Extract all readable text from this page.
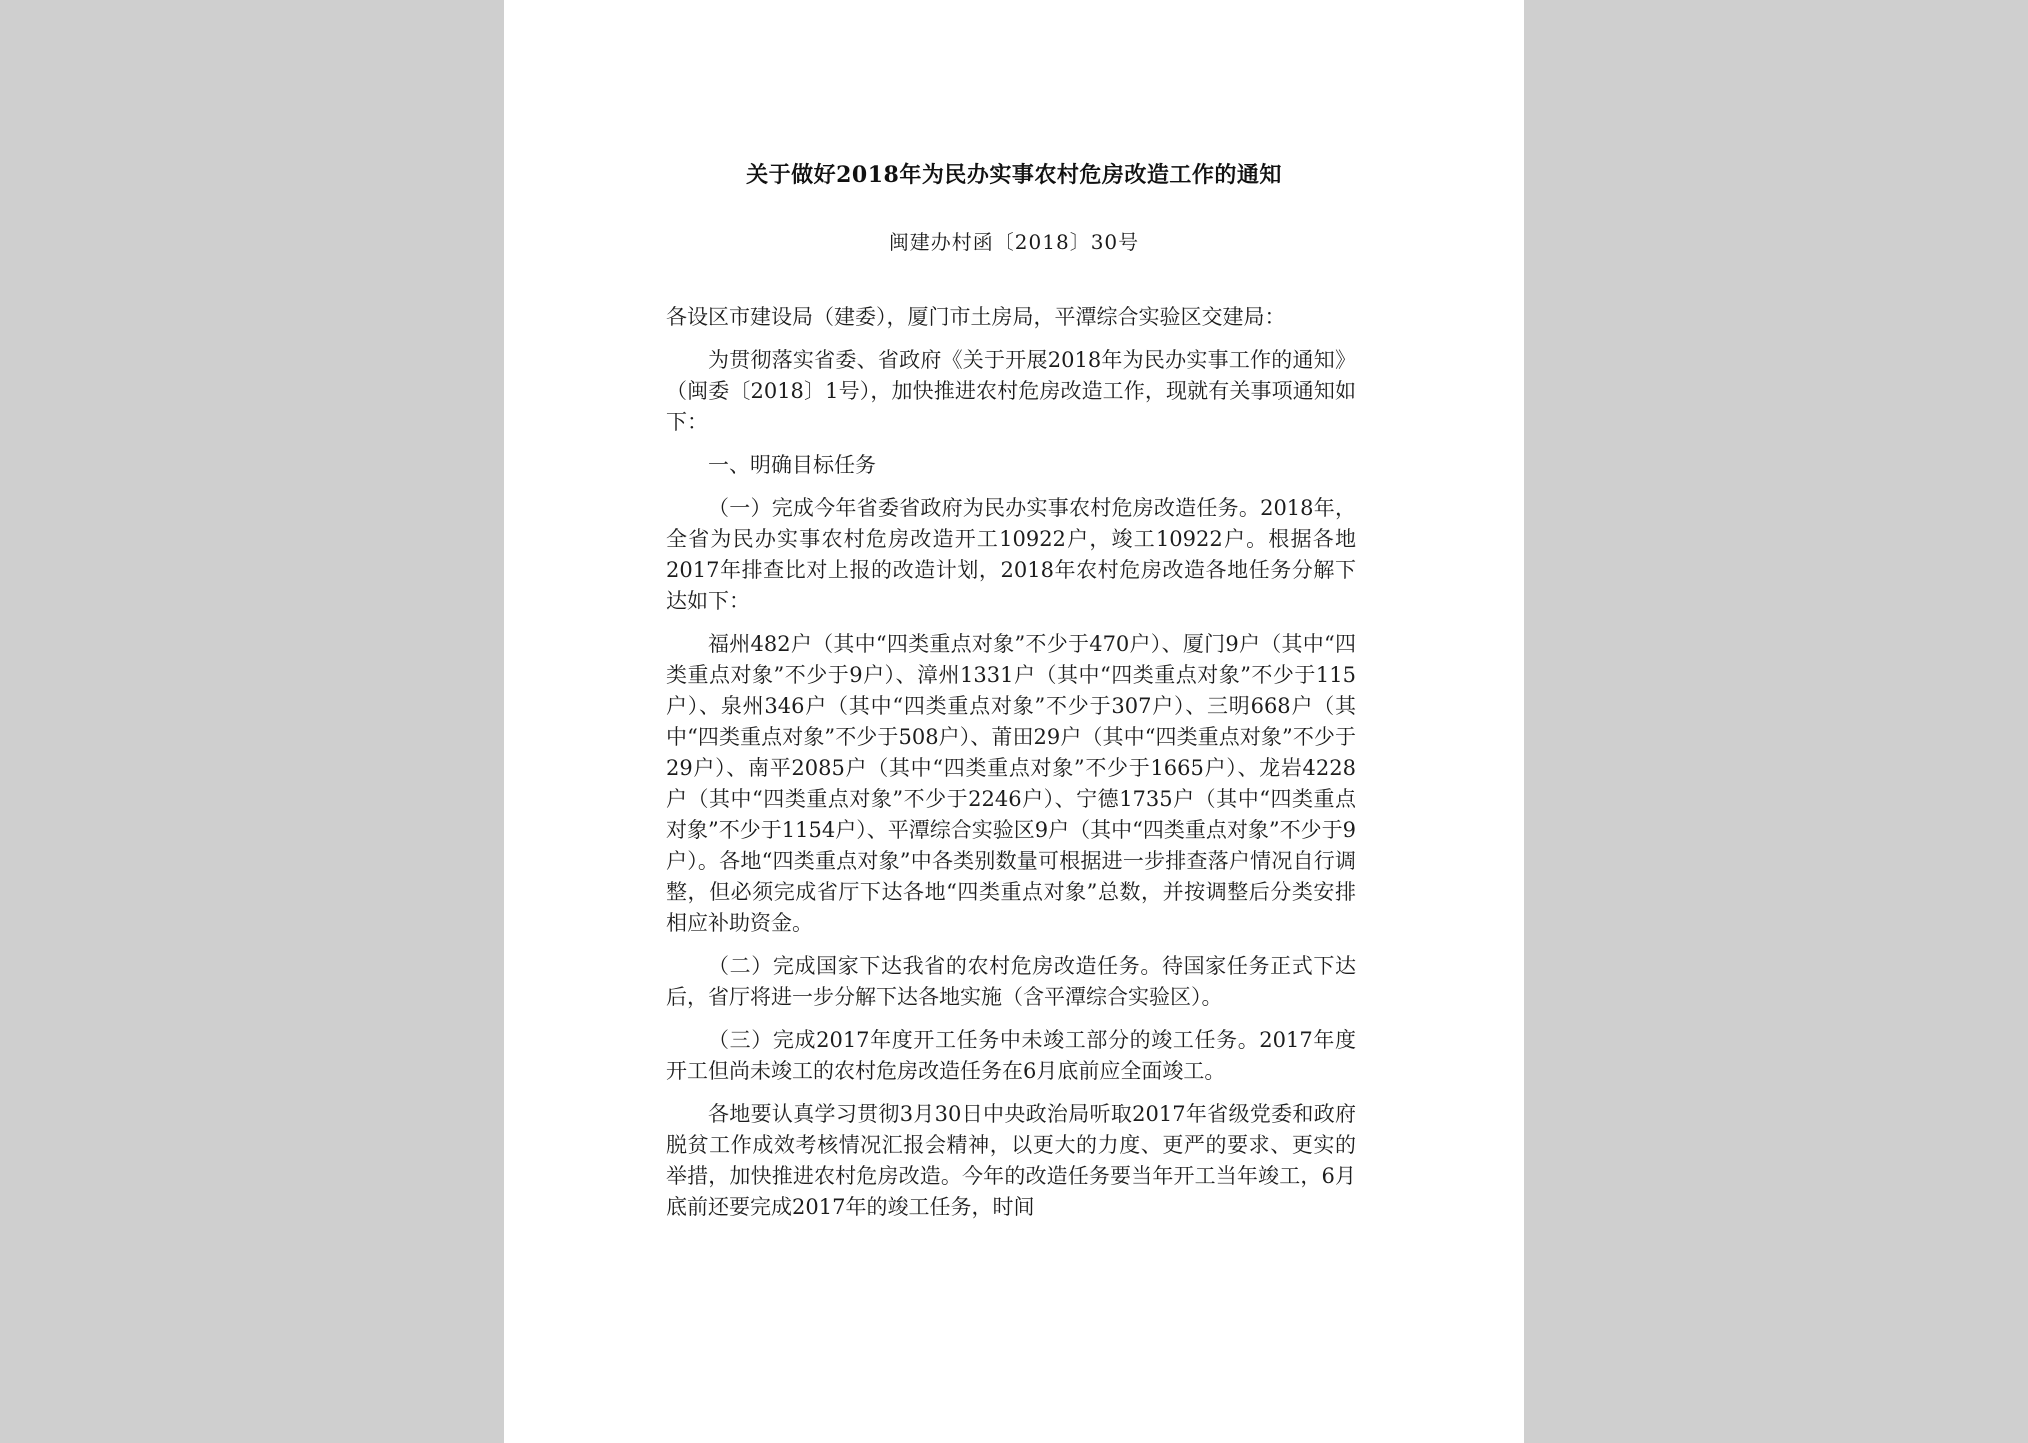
关于做好2018年为民办实事农村危房改造工作的通知
闽建办村函〔2018〕30号

各设区市建设局（建委），厦门市土房局，平潭综合实验区交建局：

为贯彻落实省委、省政府《关于开展2018年为民办实事工作的通知》（闽委〔2018〕1号），加快推进农村危房改造工作，现就有关事项通知如下：

一、明确目标任务

（一）完成今年省委省政府为民办实事农村危房改造任务。2018年，全省为民办实事农村危房改造开工10922户，竣工10922户。根据各地2017年排查比对上报的改造计划，2018年农村危房改造各地任务分解下达如下：

福州482户（其中“四类重点对象”不少于470户）、厦门9户（其中“四类重点对象”不少于9户）、漳州1331户（其中“四类重点对象”不少于115户）、泉州346户（其中“四类重点对象”不少于307户）、三明668户（其中“四类重点对象”不少于508户）、莆田29户（其中“四类重点对象”不少于29户）、南平2085户（其中“四类重点对象”不少于1665户）、龙岩4228户（其中“四类重点对象”不少于2246户）、宁德1735户（其中“四类重点对象”不少于1154户）、平潭综合实验区9户（其中“四类重点对象”不少于9户）。各地“四类重点对象”中各类别数量可根据进一步排查落户情况自行调整，但必须完成省厅下达各地“四类重点对象”总数，并按调整后分类安排相应补助资金。

（二）完成国家下达我省的农村危房改造任务。待国家任务正式下达后，省厅将进一步分解下达各地实施（含平潭综合实验区）。

（三）完成2017年度开工任务中未竣工部分的竣工任务。2017年度开工但尚未竣工的农村危房改造任务在6月底前应全面竣工。

各地要认真学习贯彻3月30日中央政治局听取2017年省级党委和政府脱贫工作成效考核情况汇报会精神，以更大的力度、更严的要求、更实的举措，加快推进农村危房改造。今年的改造任务要当年开工当年竣工，6月底前还要完成2017年的竣工任务，时间
